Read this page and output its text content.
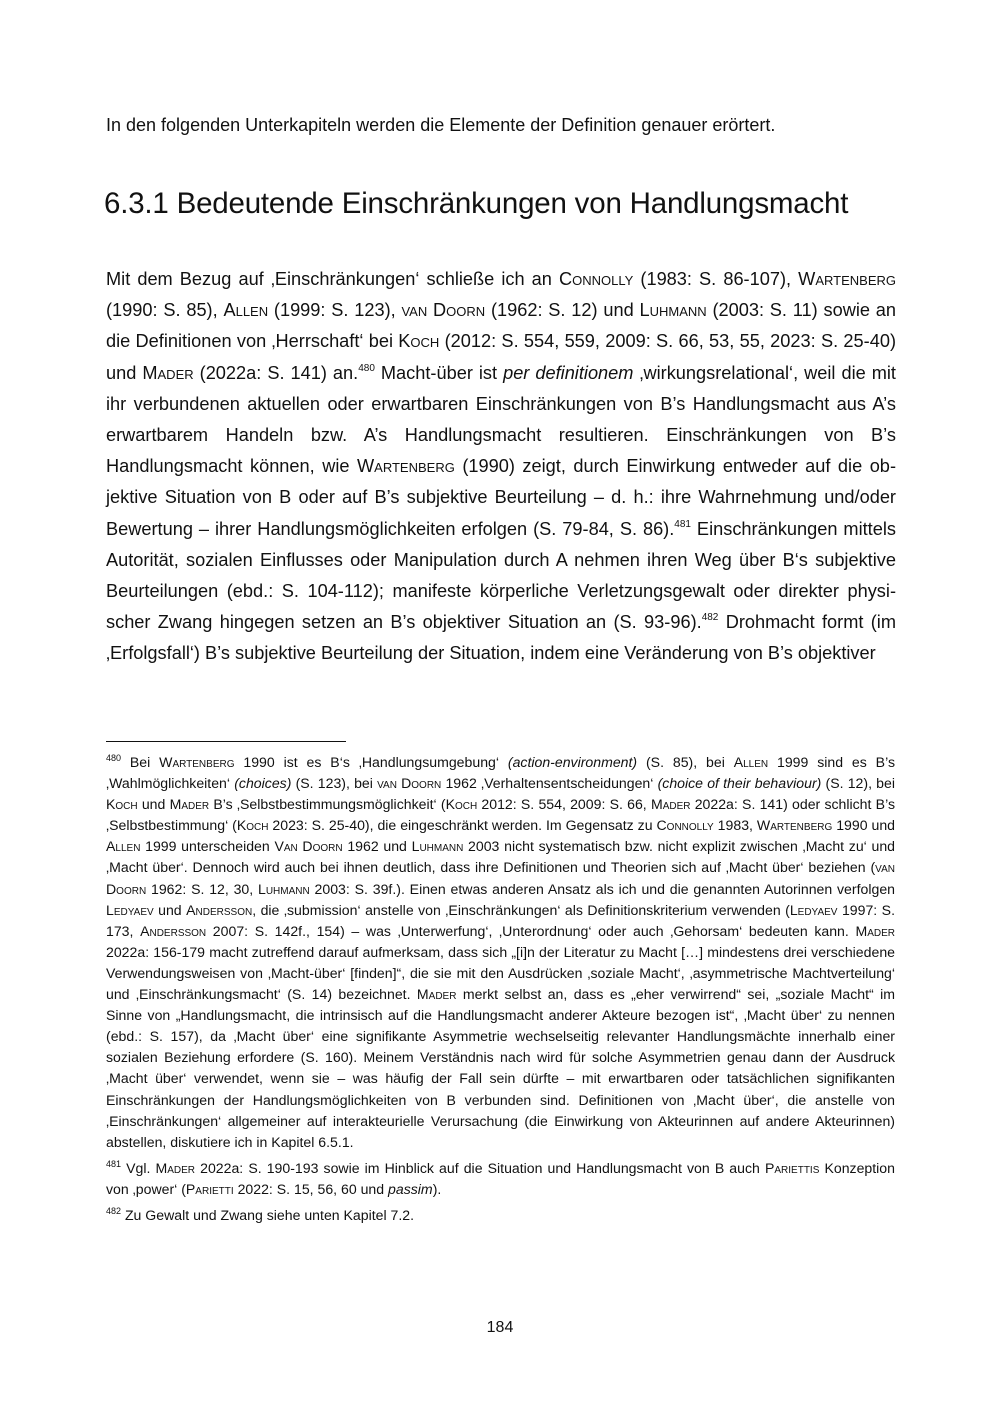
In den folgenden Unterkapiteln werden die Elemente der Definition genauer erörtert.

6.3.1 Bedeutende Einschränkungen von Handlungsmacht

Mit dem Bezug auf ‚Einschränkungen‘ schließe ich an Connolly (1983: S. 86-107), Wartenberg (1990: S. 85), Allen (1999: S. 123), van Doorn (1962: S. 12) und Luhmann (2003: S. 11) sowie an die Definitionen von ‚Herrschaft‘ bei Koch (2012: S. 554, 559, 2009: S. 66, 53, 55, 2023: S. 25-40) und Mader (2022a: S. 141) an.$^{480}$ Macht-über ist per definitionem ‚wirkungsrelational‘, weil die mit ihr verbundenen aktuellen oder erwartbaren Einschränkungen von B’s Handlungsmacht aus A’s erwartbarem Handeln bzw. A’s Handlungsmacht resultieren. Einschränkungen von B’s Handlungsmacht können, wie Wartenberg (1990) zeigt, durch Einwirkung entweder auf die objektive Situation von B oder auf B’s subjektive Beurteilung – d. h.: ihre Wahrnehmung und/oder Bewertung – ihrer Handlungsmöglichkeiten erfolgen (S. 79-84, S. 86).$^{481}$ Einschränkungen mittels Autorität, sozialen Einflusses oder Manipulation durch A nehmen ihren Weg über B‘s subjektive Beurteilungen (ebd.: S. 104-112); manifeste körperliche Verletzungsgewalt oder direkter physischer Zwang hingegen setzen an B’s objektiver Situation an (S. 93-96).$^{482}$ Drohmacht formt (im ‚Erfolgsfall‘) B’s subjektive Beurteilung der Situation, indem eine Veränderung von B’s objektiver

$^{480}$ Bei Wartenberg 1990 ist es B‘s ‚Handlungsumgebung‘ (action-environment) (S. 85), bei Allen 1999 sind es B’s ‚Wahlmöglichkeiten‘ (choices) (S. 123), bei van Doorn 1962 ‚Verhaltensentscheidungen‘ (choice of their behaviour) (S. 12), bei Koch und Mader B’s ‚Selbstbestimmungsmöglichkeit‘ (Koch 2012: S. 554, 2009: S. 66, Mader 2022a: S. 141) oder schlicht B’s ‚Selbstbestimmung‘ (Koch 2023: S. 25-40), die eingeschränkt werden. Im Gegensatz zu Connolly 1983, Wartenberg 1990 und Allen 1999 unterscheiden Van Doorn 1962 und Luhmann 2003 nicht systematisch bzw. nicht explizit zwischen ‚Macht zu‘ und ‚Macht über‘. Dennoch wird auch bei ihnen deutlich, dass ihre Definitionen und Theorien sich auf ‚Macht über‘ beziehen (van Doorn 1962: S. 12, 30, Luhmann 2003: S. 39f.). Einen etwas anderen Ansatz als ich und die genannten Autorinnen verfolgen Ledyaev und Andersson, die ‚submission‘ anstelle von ‚Einschränkungen‘ als Definitionskriterium verwenden (Ledyaev 1997: S. 173, Andersson 2007: S. 142f., 154) – was ‚Unterwerfung‘, ‚Unterordnung‘ oder auch ‚Gehorsam‘ bedeuten kann. Mader 2022a: 156-179 macht zutreffend darauf aufmerksam, dass sich „[i]n der Literatur zu Macht […] mindestens drei verschiedene Verwendungsweisen von ‚Macht-über‘ [finden]“, die sie mit den Ausdrücken ‚soziale Macht‘, ‚asymmetrische Machtverteilung‘ und ‚Einschränkungsmacht‘ (S. 14) bezeichnet. Mader merkt selbst an, dass es „eher verwirrend“ sei, „soziale Macht“ im Sinne von „Handlungsmacht, die intrinsisch auf die Handlungsmacht anderer Akteure bezogen ist“, ‚Macht über‘ zu nennen (ebd.: S. 157), da ‚Macht über‘ eine signifikante Asymmetrie wechselseitig relevanter Handlungsmächte innerhalb einer sozialen Beziehung erfordere (S. 160). Meinem Verständnis nach wird für solche Asymmetrien genau dann der Ausdruck ‚Macht über‘ verwendet, wenn sie – was häufig der Fall sein dürfte – mit erwartbaren oder tatsächlichen signifikanten Einschränkungen der Handlungsmöglichkeiten von B verbunden sind. Definitionen von ‚Macht über‘, die anstelle von ‚Einschränkungen‘ allgemeiner auf interakteurielle Verursachung (die Einwirkung von Akteurinnen auf andere Akteurinnen) abstellen, diskutiere ich in Kapitel 6.5.1.

$^{481}$ Vgl. Mader 2022a: S. 190-193 sowie im Hinblick auf die Situation und Handlungsmacht von B auch Pariettis Konzeption von ‚power‘ (Parietti 2022: S. 15, 56, 60 und passim).

$^{482}$ Zu Gewalt und Zwang siehe unten Kapitel 7.2.

184
